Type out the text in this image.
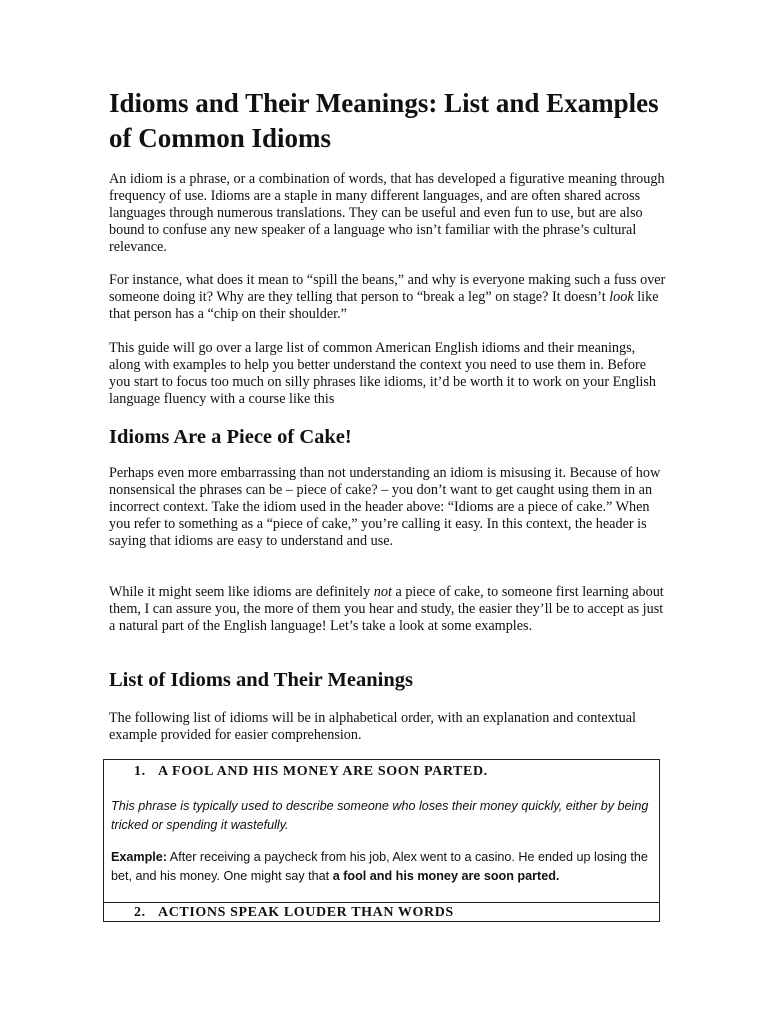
Idioms and Their Meanings: List and Examples of Common Idioms

An idiom is a phrase, or a combination of words, that has developed a figurative meaning through frequency of use. Idioms are a staple in many different languages, and are often shared across languages through numerous translations. They can be useful and even fun to use, but are also bound to confuse any new speaker of a language who isn’t familiar with the phrase’s cultural relevance.

For instance, what does it mean to “spill the beans,” and why is everyone making such a fuss over someone doing it? Why are they telling that person to “break a leg” on stage? It doesn’t look like that person has a “chip on their shoulder.”

This guide will go over a large list of common American English idioms and their meanings, along with examples to help you better understand the context you need to use them in. Before you start to focus too much on silly phrases like idioms, it’d be worth it to work on your English language fluency with a course like this

Idioms Are a Piece of Cake!

Perhaps even more embarrassing than not understanding an idiom is misusing it. Because of how nonsensical the phrases can be – piece of cake? – you don’t want to get caught using them in an incorrect context. Take the idiom used in the header above: “Idioms are a piece of cake.” When you refer to something as a “piece of cake,” you’re calling it easy. In this context, the header is saying that idioms are easy to understand and use.

While it might seem like idioms are definitely not a piece of cake, to someone first learning about them, I can assure you, the more of them you hear and study, the easier they’ll be to accept as just a natural part of the English language! Let’s take a look at some examples.

List of Idioms and Their Meanings

The following list of idioms will be in alphabetical order, with an explanation and contextual example provided for easier comprehension.

1. A FOOL AND HIS MONEY ARE SOON PARTED.
This phrase is typically used to describe someone who loses their money quickly, either by being tricked or spending it wastefully.
Example: After receiving a paycheck from his job, Alex went to a casino. He ended up losing the bet, and his money. One might say that a fool and his money are soon parted.
2. ACTIONS SPEAK LOUDER THAN WORDS
